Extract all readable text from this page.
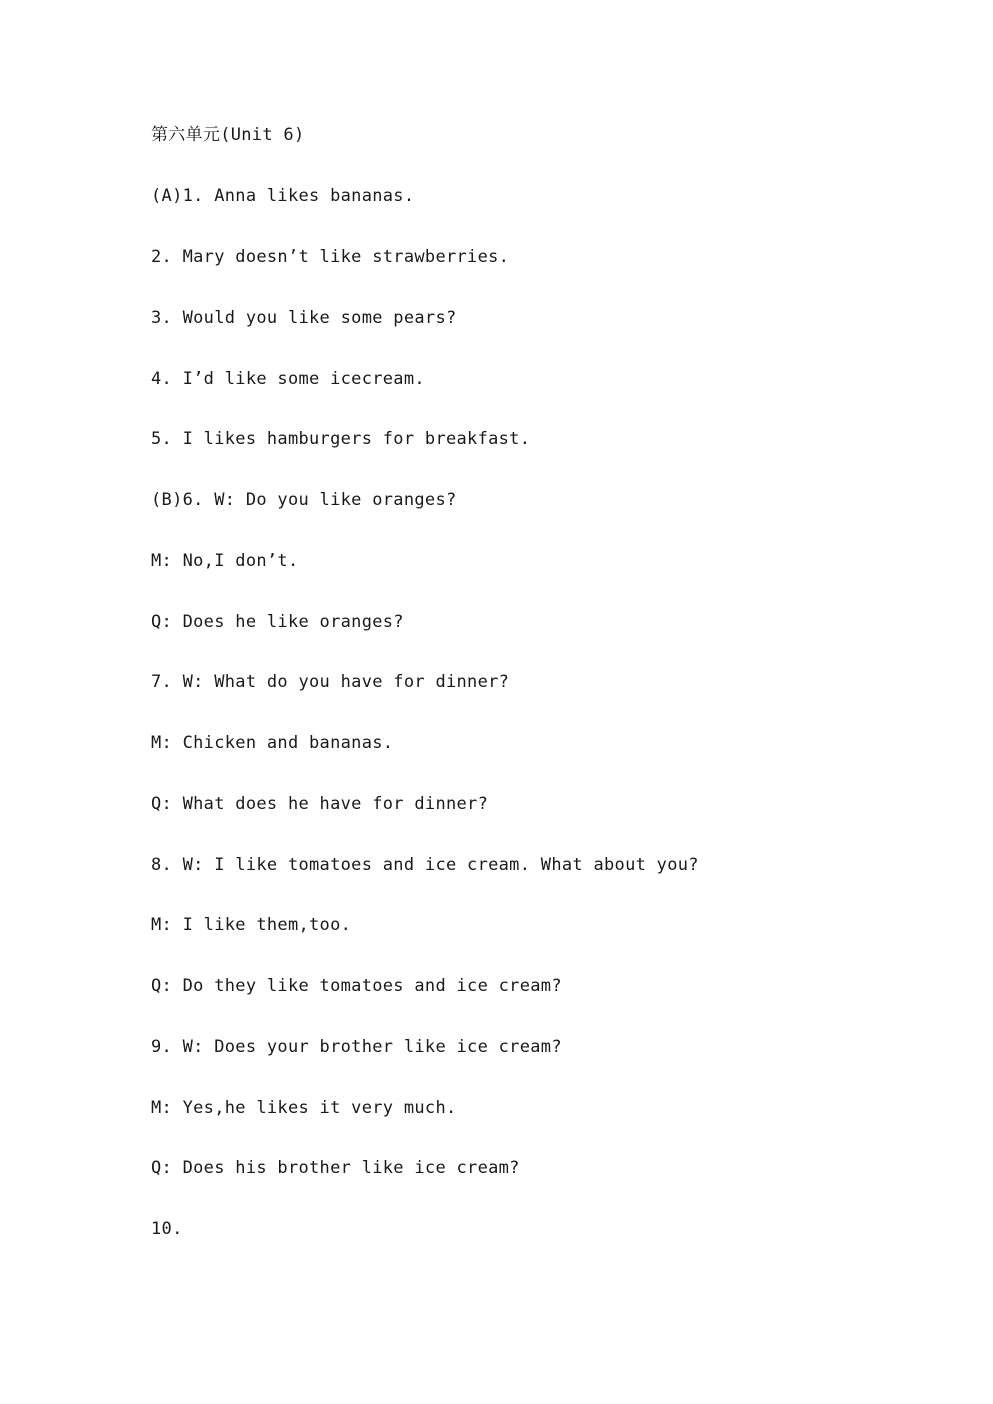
第六单元(Unit 6)
(A)1. Anna likes bananas.
2. Mary doesn’t like strawberries.
3. Would you like some pears?
4. I’d like some icecream.
5. I likes hamburgers for breakfast.
(B)6. W: Do you like oranges?
M: No,I don’t.
Q: Does he like oranges?
7. W: What do you have for dinner?
M: Chicken and bananas.
Q: What does he have for dinner?
8. W: I like tomatoes and ice cream. What about you?
M: I like them,too.
Q: Do they like tomatoes and ice cream?
9. W: Does your brother like ice cream?
M: Yes,he likes it very much.
Q: Does his brother like ice cream?
10.
